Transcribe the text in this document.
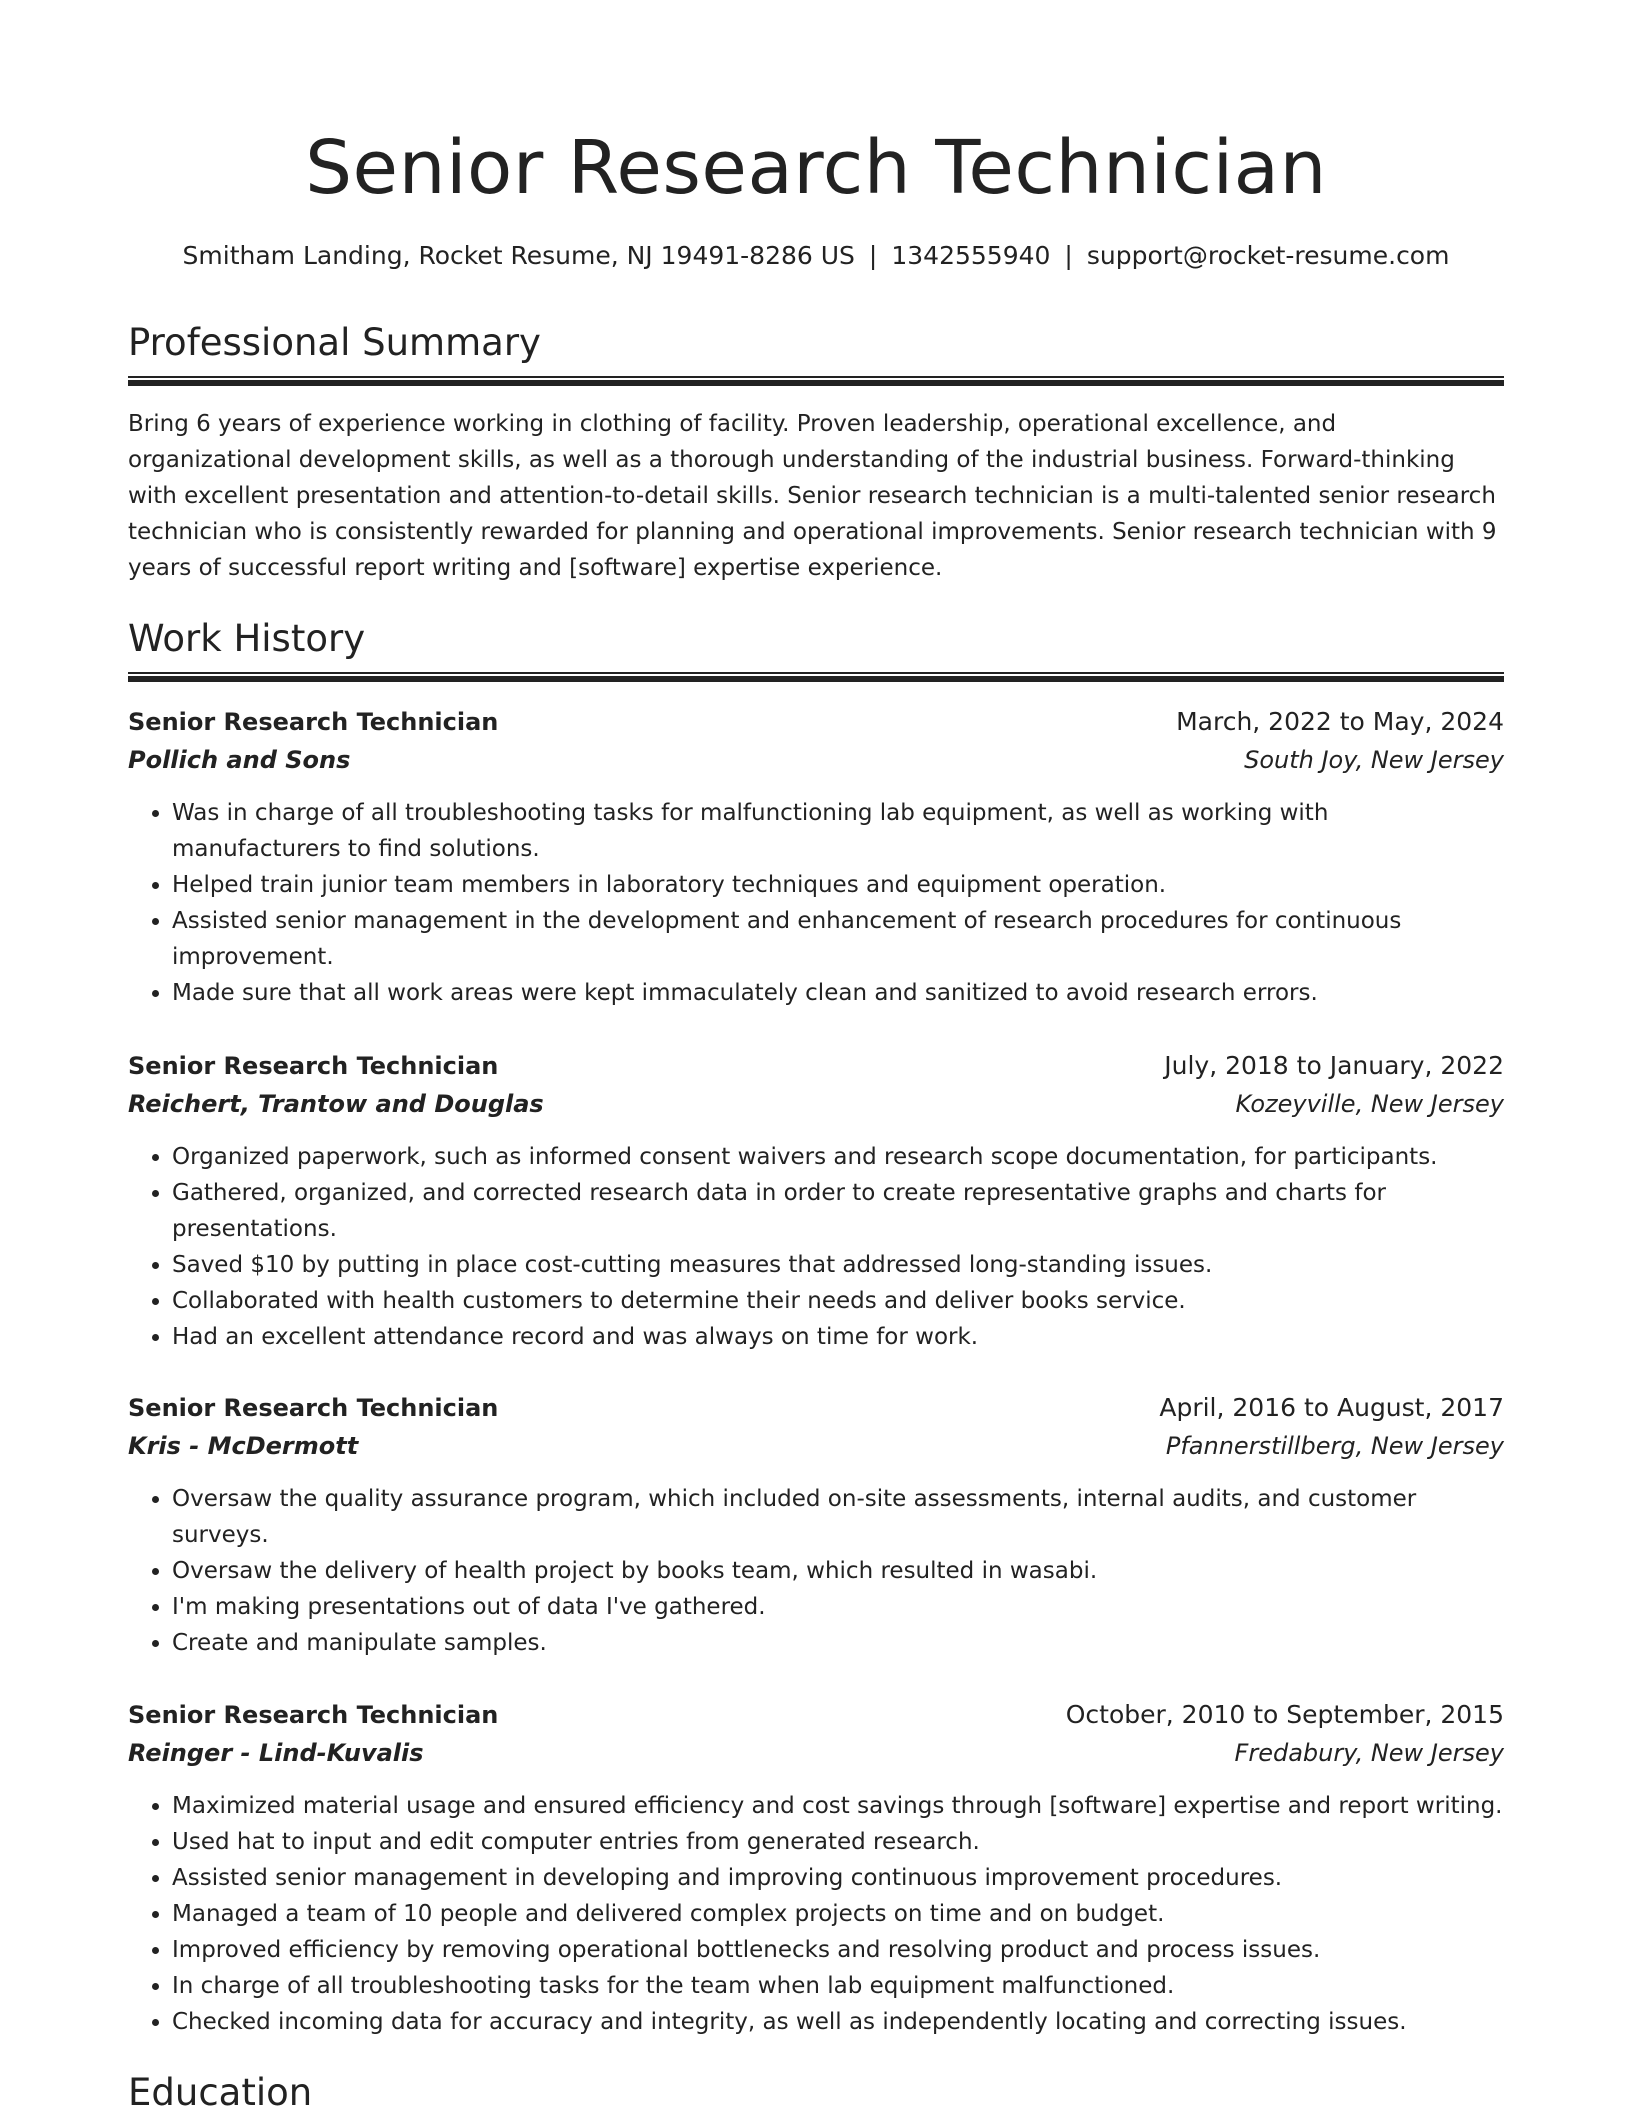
Senior Research Technician
Smitham Landing, Rocket Resume, NJ 19491-8286 US | 1342555940 | support@rocket-resume.com
Professional Summary

Bring 6 years of experience working in clothing of facility. Proven leadership, operational excellence, and organizational development skills, as well as a thorough understanding of the industrial business. Forward-thinking with excellent presentation and attention-to-detail skills. Senior research technician is a multi-talented senior research technician who is consistently rewarded for planning and operational improvements. Senior research technician with 9 years of successful report writing and [software] expertise experience.

Work History
Senior Research Technician	March, 2022 to May, 2024
Pollich and Sons	South Joy, New Jersey
• Was in charge of all troubleshooting tasks for malfunctioning lab equipment, as well as working with manufacturers to find solutions.
• Helped train junior team members in laboratory techniques and equipment operation.
• Assisted senior management in the development and enhancement of research procedures for continuous improvement.
• Made sure that all work areas were kept immaculately clean and sanitized to avoid research errors.
Senior Research Technician	July, 2018 to January, 2022
Reichert, Trantow and Douglas	Kozeyville, New Jersey
• Organized paperwork, such as informed consent waivers and research scope documentation, for participants.
• Gathered, organized, and corrected research data in order to create representative graphs and charts for presentations.
• Saved $10 by putting in place cost-cutting measures that addressed long-standing issues.
• Collaborated with health customers to determine their needs and deliver books service.
• Had an excellent attendance record and was always on time for work.
Senior Research Technician	April, 2016 to August, 2017
Kris - McDermott	Pfannerstillberg, New Jersey
• Oversaw the quality assurance program, which included on-site assessments, internal audits, and customer surveys.
• Oversaw the delivery of health project by books team, which resulted in wasabi.
• I'm making presentations out of data I've gathered.
• Create and manipulate samples.
Senior Research Technician	October, 2010 to September, 2015
Reinger - Lind-Kuvalis	Fredabury, New Jersey
• Maximized material usage and ensured efficiency and cost savings through [software] expertise and report writing.
• Used hat to input and edit computer entries from generated research.
• Assisted senior management in developing and improving continuous improvement procedures.
• Managed a team of 10 people and delivered complex projects on time and on budget.
• Improved efficiency by removing operational bottlenecks and resolving product and process issues.
• In charge of all troubleshooting tasks for the team when lab equipment malfunctioned.
• Checked incoming data for accuracy and integrity, as well as independently locating and correcting issues.
Education
